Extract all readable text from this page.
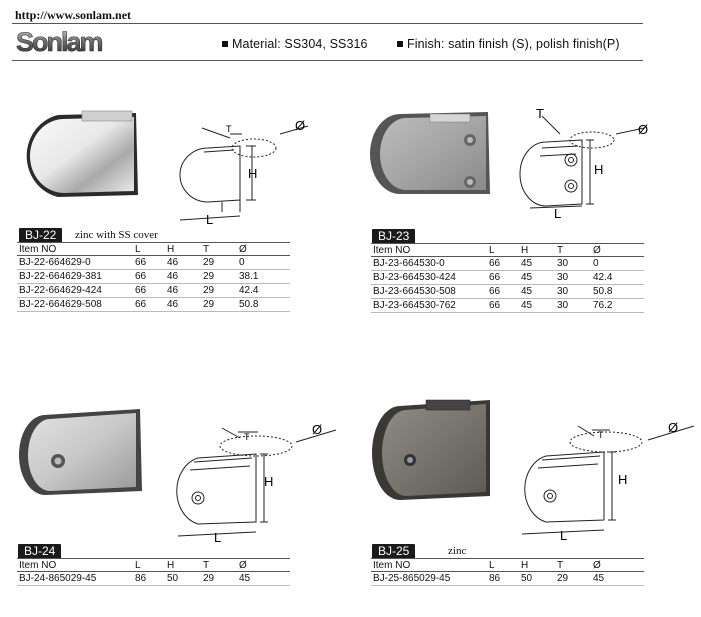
http://www.sonlam.net
Sonlam	Material: SS304, SS316	Finish: satin finish (S), polish finish(P)
T
H
L
Ø
BJ-22	zinc with SS cover
Item NO	L	H	T	Ø
BJ-22-664629-0	66 46 29 0
BJ-22-664629-381	66 46 29 38.1
BJ-22-664629-424	66 46 29 42.4
BJ-22-664629-508	66 46 29 50.8
T
H
L
Ø
BJ-23
Item NO	L	H	T	Ø
BJ-23-664530-0	66 45 30 0
BJ-23-664530-424	66 45 30 42.4
BJ-23-664530-508	66 45 30 50.8
BJ-23-664530-762	66 45 30 76.2
T
H
L
Ø
BJ-24
Item NO	L	H	T	Ø
BJ-24-865029-45	86 50 29 45
T
H
L
Ø
BJ-25	zinc
Item NO	L	H	T	Ø
BJ-25-865029-45	86 50 29 45
